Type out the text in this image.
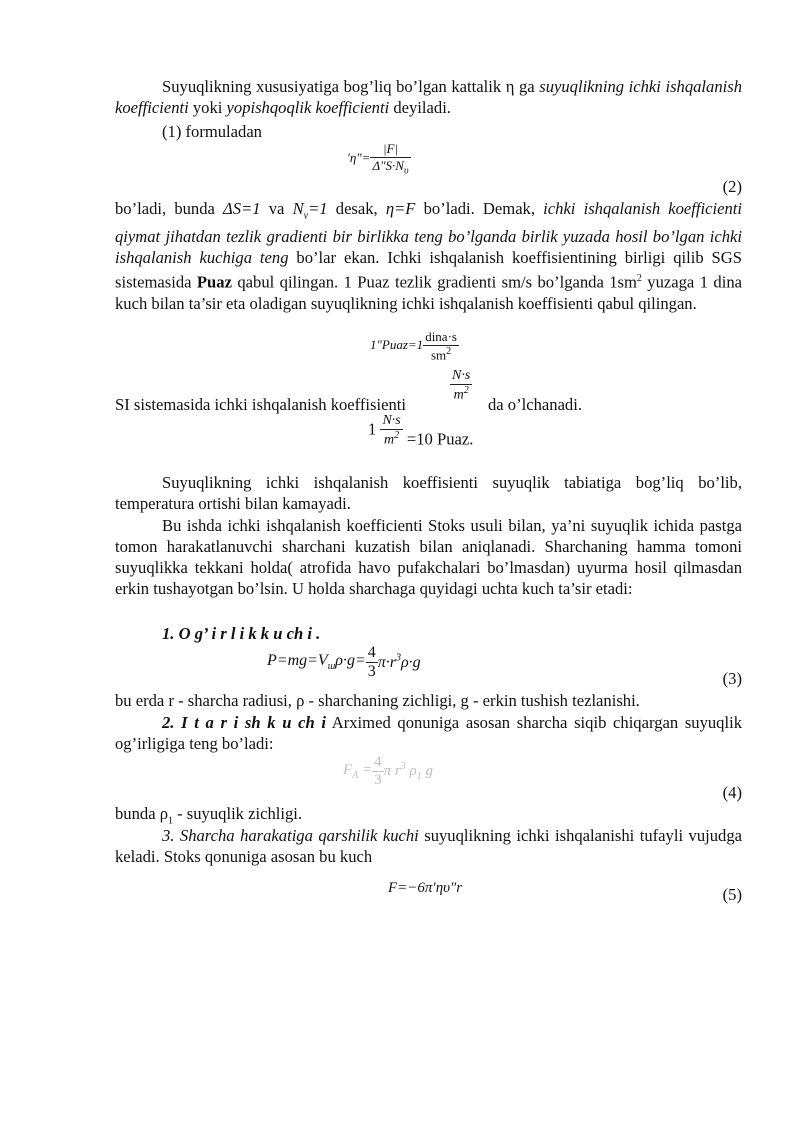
Suyuqlikning xususiyatiga bog’liq bo’lgan kattalik η ga suyuqlikning ichki ishqalanish koefficienti yoki yopishqoqlik koefficienti deyiladi.
(1) formuladan
$'\eta''= \frac{|F|}{\Delta''S\cdot N_\upsilon}$
(2)
bo’ladi, bunda ΔS=1 va $N_v=1$ desak, η=F bo’ladi. Demak, ichki ishqalanish koefficienti qiymat jihatdan tezlik gradienti bir birlikka teng bo’lganda birlik yuzada hosil bo’lgan ichki ishqalanish kuchiga teng bo’lar ekan. Ichki ishqalanish koeffisientining birligi qilib SGS sistemasida Puaz qabul qilingan. 1 Puaz tezlik gradienti sm/s bo’lganda $1sm^2$ yuzaga 1 dina kuch bilan ta’sir eta oladigan suyuqlikning ichki ishqalanish koeffisienti qabul qilingan.
1″Puaz=1 $\frac{\text{dina·s}}{sm^2}$
SI sistemasida ichki ishqalanish koeffisienti
$\frac{N\cdot s}{m^2}$
da o’lchanadi.
$1 \frac{N\cdot s}{m^2} =10$ Puaz.
Suyuqlikning ichki ishqalanish koeffisienti suyuqlik tabiatiga bog’liq bo’lib, temperatura ortishi bilan kamayadi.
Bu ishda ichki ishqalanish koefficienti Stoks usuli bilan, ya’ni suyuqlik ichida pastga tomon harakatlanuvchi sharchani kuzatish bilan aniqlanadi. Sharchaning hamma tomoni suyuqlikka tekkani holda( atrofida havo pufakchalari bo’lmasdan) uyurma hosil qilmasdan erkin tushayotgan bo’lsin. U holda sharchaga quyidagi uchta kuch ta’sir etadi:
1. O g’ i r l i k k u ch i .
$P=mg=V_ш\rho\cdot g= \frac{4}{3} \pi\cdot r^3\rho\cdot g$
(3)
bu erda r - sharcha radiusi, ρ - sharchaning zichligi, g - erkin tushish tezlanishi.
2. I t a r i sh k u ch i Arximed qonuniga asosan sharcha siqib chiqargan suyuqlik og’irligiga teng bo’ladi:
$F_A = \frac{4}{3}$ π $r^3$ $\rho_1$ g
(4)
bunda $\rho_1$ - suyuqlik zichligi.
3. Sharcha harakatiga qarshilik kuchi suyuqlikning ichki ishqalanishi tufayli vujudga keladi. Stoks qonuniga asosan bu kuch
F=−6π′ηυ″r	(5)
